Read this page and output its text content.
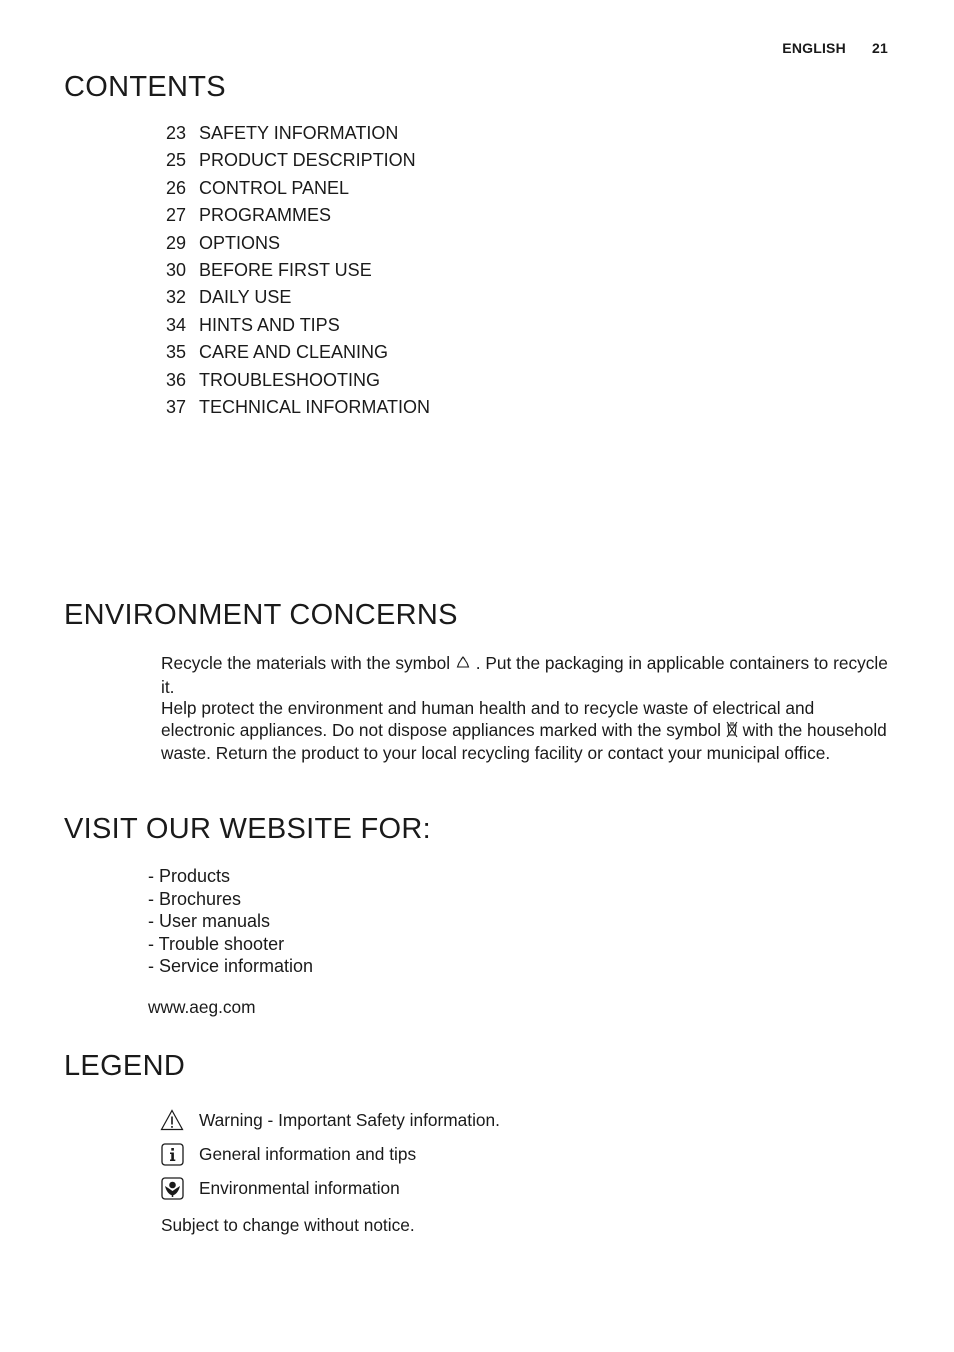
ENGLISH 21
CONTENTS
23 SAFETY INFORMATION
25 PRODUCT DESCRIPTION
26 CONTROL PANEL
27 PROGRAMMES
29 OPTIONS
30 BEFORE FIRST USE
32 DAILY USE
34 HINTS AND TIPS
35 CARE AND CLEANING
36 TROUBLESHOOTING
37 TECHNICAL INFORMATION
ENVIRONMENT CONCERNS

Recycle the materials with the symbol . Put the packaging in applicable containers to recycle it.

Help protect the environment and human health and to recycle waste of electrical and electronic appliances. Do not dispose appliances marked with the symbol with the household waste. Return the product to your local recycling facility or contact your municipal office.

VISIT OUR WEBSITE FOR:
- Products
- Brochures
- User manuals
- Trouble shooter
- Service information
www.aeg.com
LEGEND
Warning - Important Safety information.
General information and tips
Environmental information
Subject to change without notice.
